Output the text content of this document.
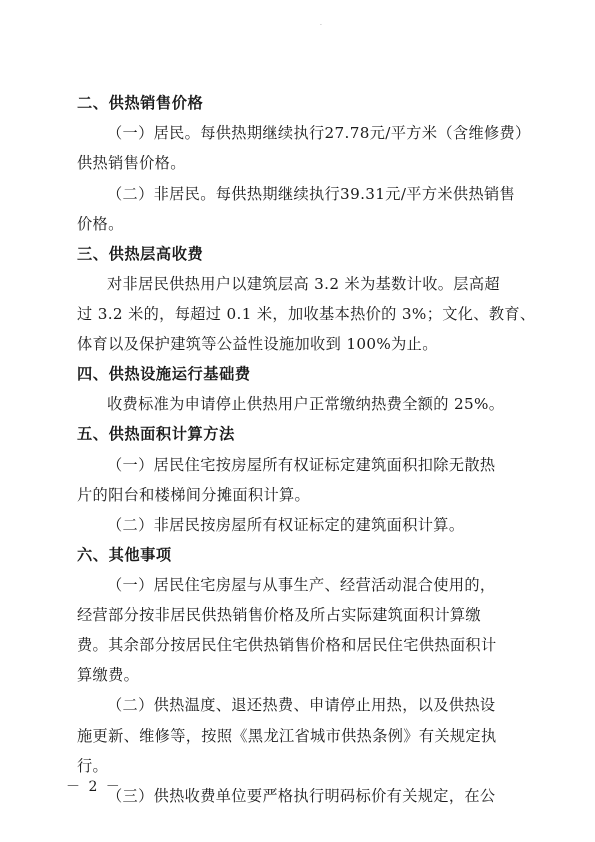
·
二、供热销售价格
（一）居民。每供热期继续执行27.78元/平方米（含维修费）
供热销售价格。
（二）非居民。每供热期继续执行39.31元/平方米供热销售
价格。
三、供热层高收费
对非居民供热用户以建筑层高 3.2 米为基数计收。层高超
过 3.2 米的，每超过 0.1 米，加收基本热价的 3%；文化、教育、
体育以及保护建筑等公益性设施加收到 100%为止。
四、供热设施运行基础费
收费标准为申请停止供热用户正常缴纳热费全额的 25%。
五、供热面积计算方法
（一）居民住宅按房屋所有权证标定建筑面积扣除无散热
片的阳台和楼梯间分摊面积计算。
（二）非居民按房屋所有权证标定的建筑面积计算。
六、其他事项
（一）居民住宅房屋与从事生产、经营活动混合使用的，
经营部分按非居民供热销售价格及所占实际建筑面积计算缴
费。其余部分按居民住宅供热销售价格和居民住宅供热面积计
算缴费。
（二）供热温度、退还热费、申请停止用热，以及供热设
施更新、维修等，按照《黑龙江省城市供热条例》有关规定执
行。
（三）供热收费单位要严格执行明码标价有关规定，在公
－ 2 －
